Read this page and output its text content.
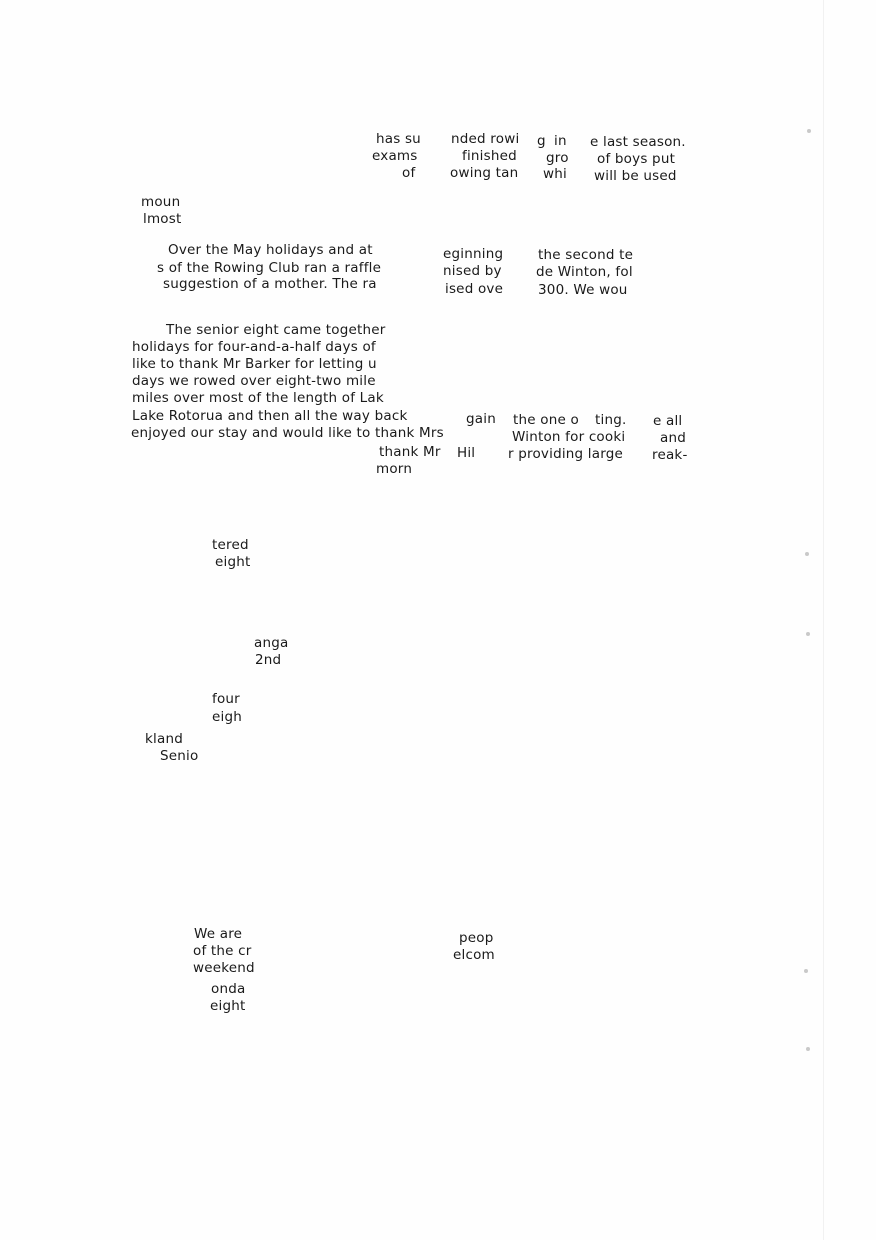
has su nded rowi g in e last season.
exams	finished gro of boys put
of	owing tan whi will be used
moun
lmost
Over the May holidays and at
s of the Rowing Club ran a raffle
suggestion of a mother. The ra
eginning
nised by
ised ove
the second te
de Winton, fol
300. We wou
The senior eight came together
holidays for four-and-a-half days of
like to thank Mr Barker for letting u
days we rowed over eight-two mile
miles over most of the length of Lak
Lake Rotorua and then all the way back	gain the one o ting. e all
enjoyed our stay and would like to thank Mrs	Winton for cooki	and
thank Mr Hil r providing large reak-
morn
tered
eight
anga
2nd
four
eigh
kland
Senio
We are
of the cr
weekend
peop
elcom
onda
eight
